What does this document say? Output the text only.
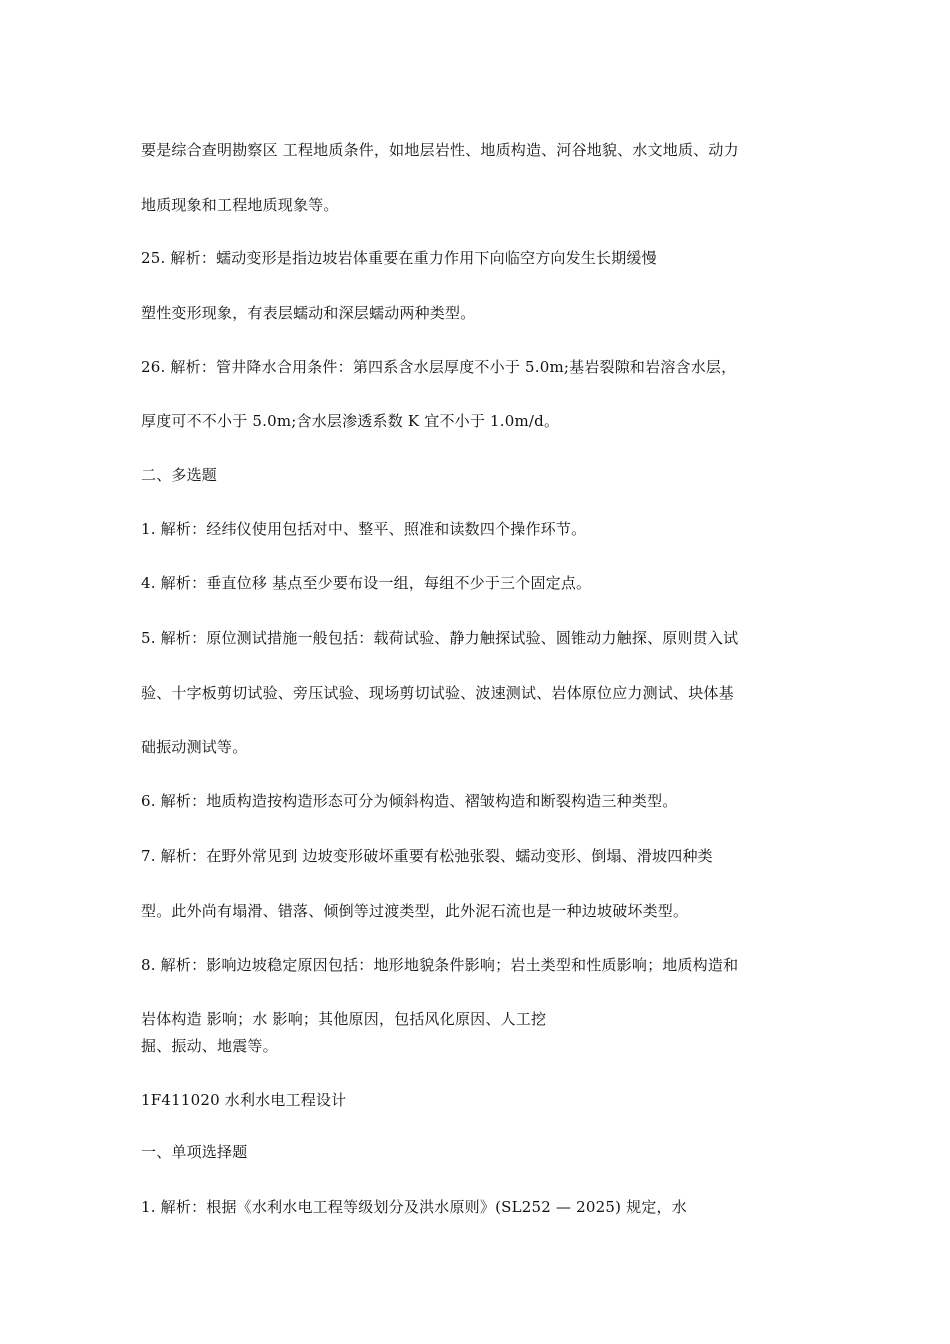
要是综合查明勘察区 工程地质条件，如地层岩性、地质构造、河谷地貌、水文地质、动力
地质现象和工程地质现象等。
25. 解析：蠕动变形是指边坡岩体重要在重力作用下向临空方向发生长期缓慢
塑性变形现象，有表层蠕动和深层蠕动两种类型。
26. 解析：管井降水合用条件：第四系含水层厚度不小于 5.0m;基岩裂隙和岩溶含水层，
厚度可不不小于 5.0m;含水层渗透系数 K 宜不小于 1.0m/d。
二、多选题
1. 解析：经纬仪使用包括对中、整平、照准和读数四个操作环节。
4. 解析：垂直位移 基点至少要布设一组，每组不少于三个固定点。
5. 解析：原位测试措施一般包括：载荷试验、静力触探试验、圆锥动力触探、原则贯入试
验、十字板剪切试验、旁压试验、现场剪切试验、波速测试、岩体原位应力测试、块体基
础振动测试等。
6. 解析：地质构造按构造形态可分为倾斜构造、褶皱构造和断裂构造三种类型。
7. 解析：在野外常见到 边坡变形破坏重要有松弛张裂、蠕动变形、倒塌、滑坡四种类
型。此外尚有塌滑、错落、倾倒等过渡类型，此外泥石流也是一种边坡破坏类型。
8. 解析：影响边坡稳定原因包括：地形地貌条件影响；岩土类型和性质影响；地质构造和
岩体构造 影响；水 影响；其他原因，包括风化原因、人工挖
掘、振动、地震等。
1F411020 水利水电工程设计
一、单项选择题
1. 解析：根据《水利水电工程等级划分及洪水原则》(SL252 — 2025) 规定，水
